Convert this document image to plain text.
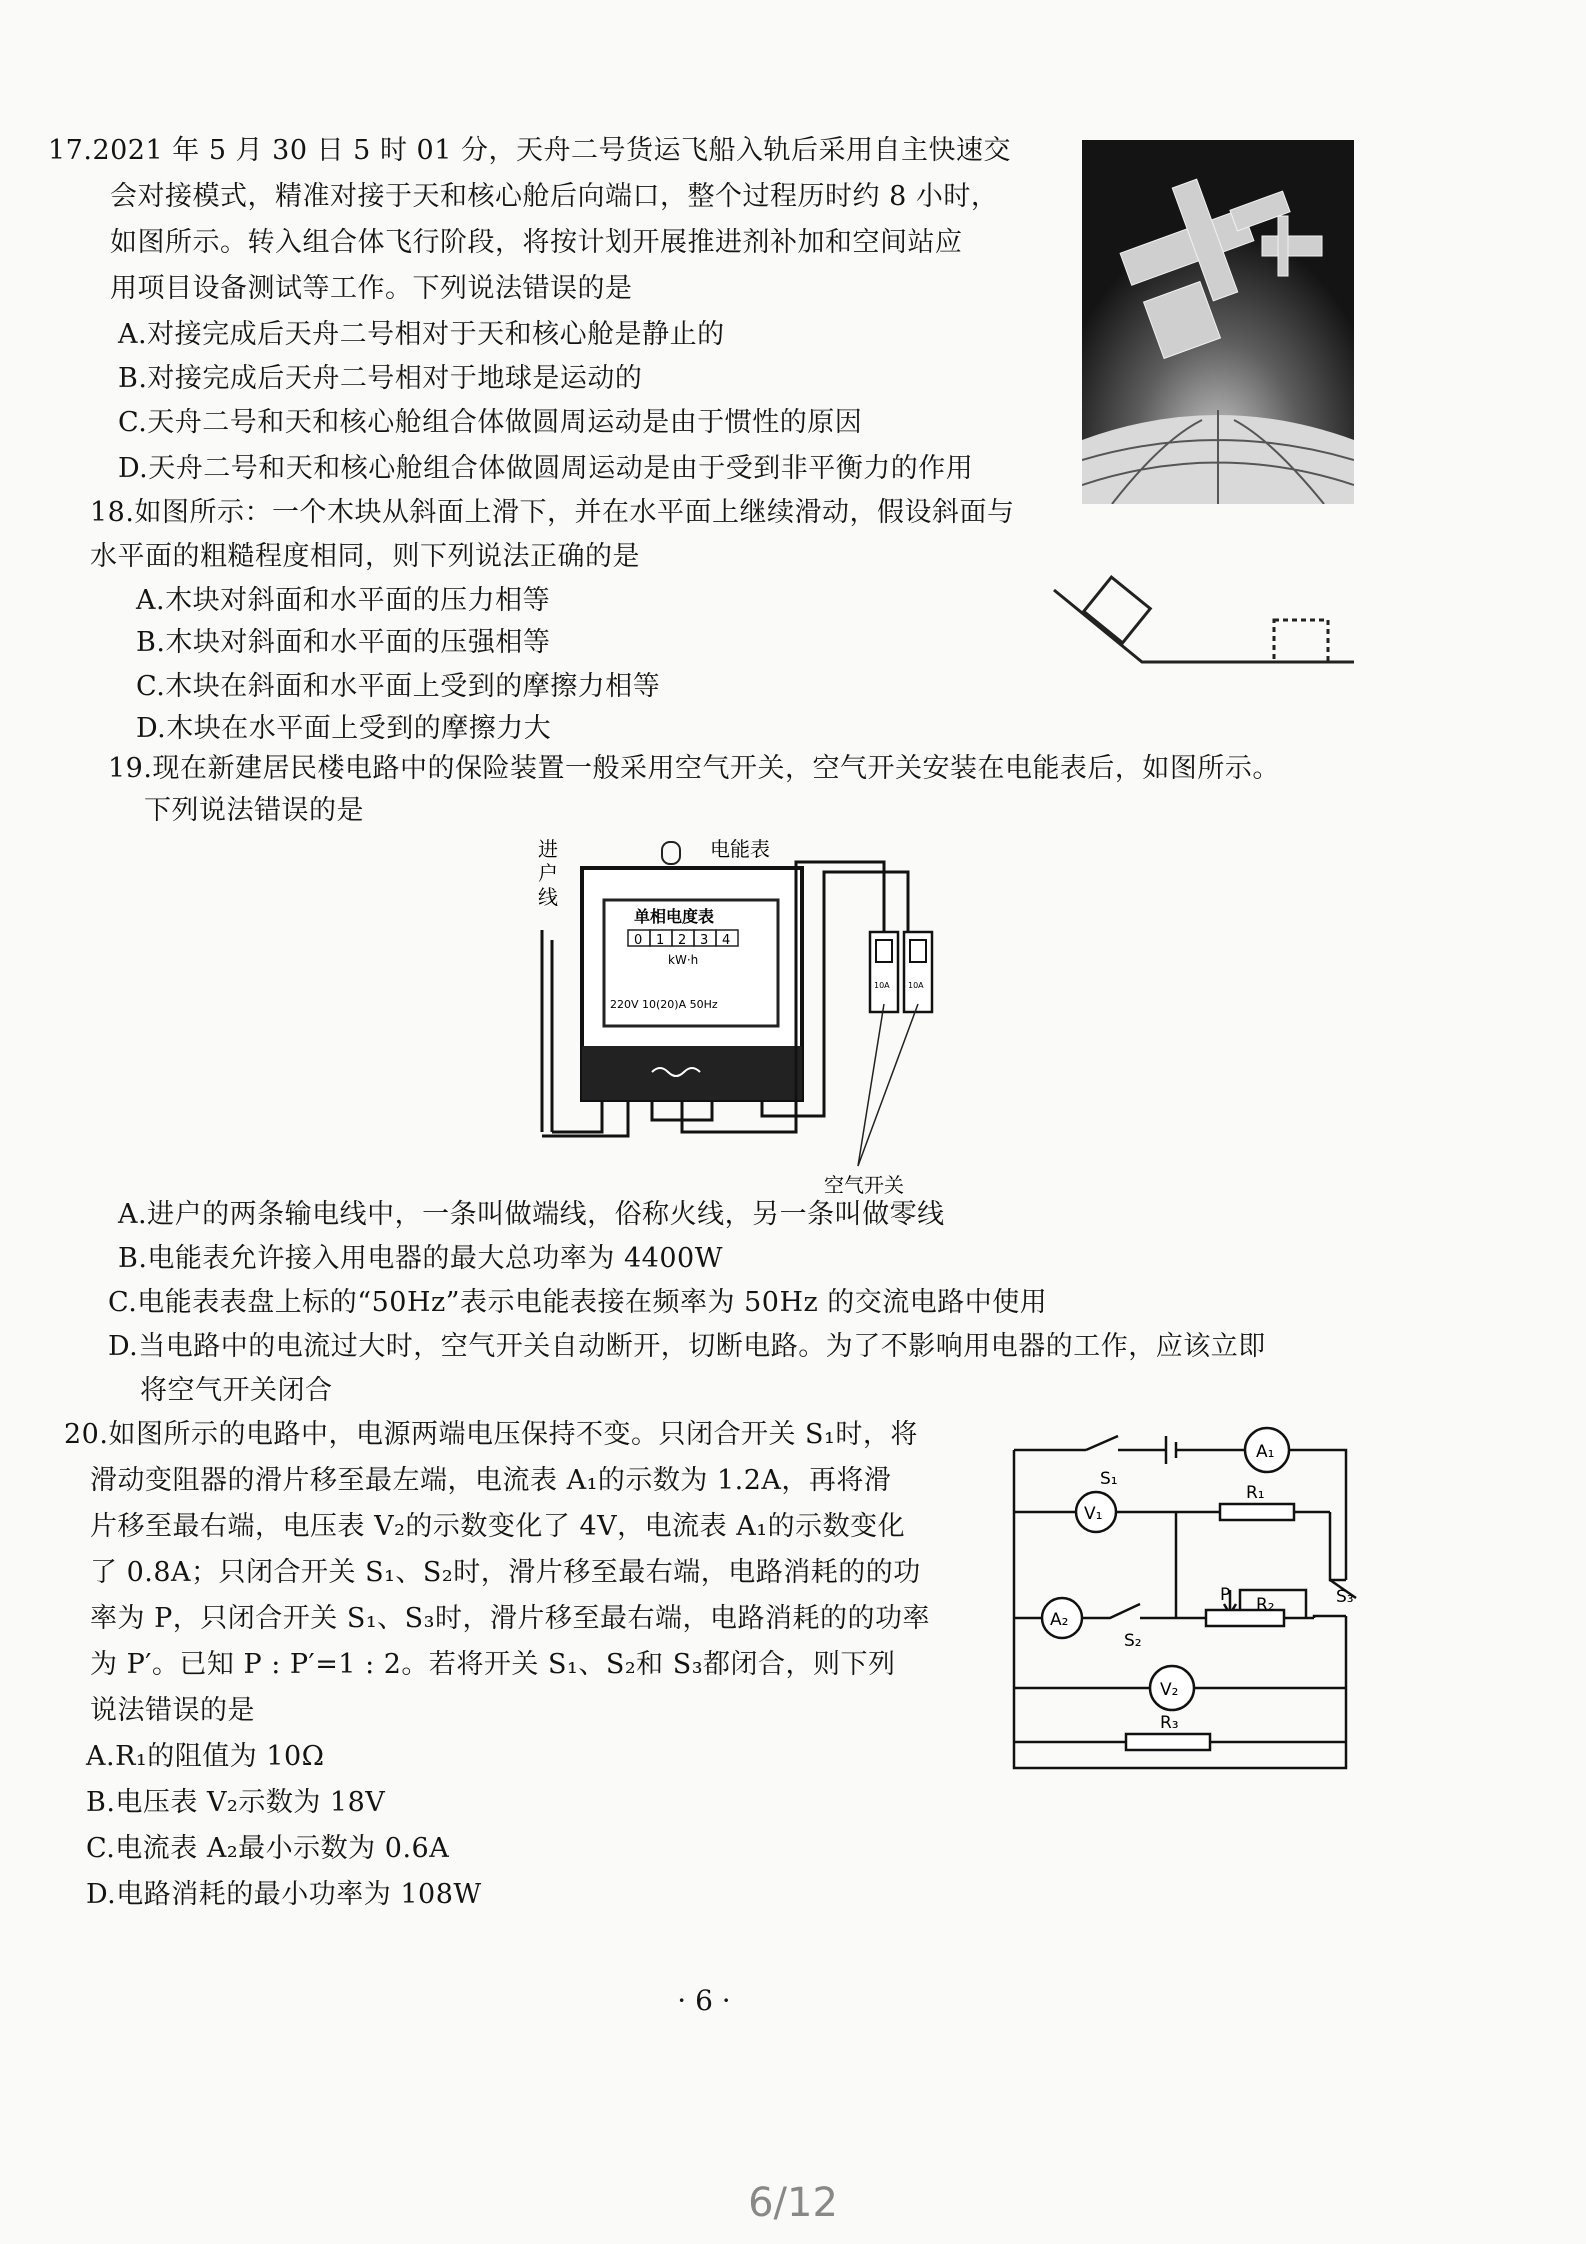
17.2021 年 5 月 30 日 5 时 01 分，天舟二号货运飞船入轨后采用自主快速交
会对接模式，精准对接于天和核心舱后向端口，整个过程历时约 8 小时，
如图所示。转入组合体飞行阶段，将按计划开展推进剂补加和空间站应
用项目设备测试等工作。下列说法错误的是
A.对接完成后天舟二号相对于天和核心舱是静止的
B.对接完成后天舟二号相对于地球是运动的
C.天舟二号和天和核心舱组合体做圆周运动是由于惯性的原因
D.天舟二号和天和核心舱组合体做圆周运动是由于受到非平衡力的作用
18.如图所示：一个木块从斜面上滑下，并在水平面上继续滑动，假设斜面与
水平面的粗糙程度相同，则下列说法正确的是
A.木块对斜面和水平面的压力相等
B.木块对斜面和水平面的压强相等
C.木块在斜面和水平面上受到的摩擦力相等
D.木块在水平面上受到的摩擦力大
19.现在新建居民楼电路中的保险装置一般采用空气开关，空气开关安装在电能表后，如图所示。
下列说法错误的是
进
户
线
电能表
单相电度表
0 1 2 3 4
kW·h
220V 10(20)A 50Hz
10A 10A
空气开关
A.进户的两条输电线中，一条叫做端线，俗称火线，另一条叫做零线
B.电能表允许接入用电器的最大总功率为 4400W
C.电能表表盘上标的“50Hz”表示电能表接在频率为 50Hz 的交流电路中使用
D.当电路中的电流过大时，空气开关自动断开，切断电路。为了不影响用电器的工作，应该立即
将空气开关闭合
20.如图所示的电路中，电源两端电压保持不变。只闭合开关 S₁时，将
滑动变阻器的滑片移至最左端，电流表 A₁的示数为 1.2A，再将滑
片移至最右端，电压表 V₂的示数变化了 4V，电流表 A₁的示数变化
了 0.8A；只闭合开关 S₁、S₂时，滑片移至最右端，电路消耗的的功
率为 P，只闭合开关 S₁、S₃时，滑片移至最右端，电路消耗的的功率
为 P′。已知 P : P′=1 : 2。若将开关 S₁、S₂和 S₃都闭合，则下列
说法错误的是
A.R₁的阻值为 10Ω
B.电压表 V₂示数为 18V
C.电流表 A₂最小示数为 0.6A
D.电路消耗的最小功率为 108W
A₁
V₁
A₂
V₂
S₁
S₂
S₃
R₁
R₂
R₃
P
· 6 ·
6/12
